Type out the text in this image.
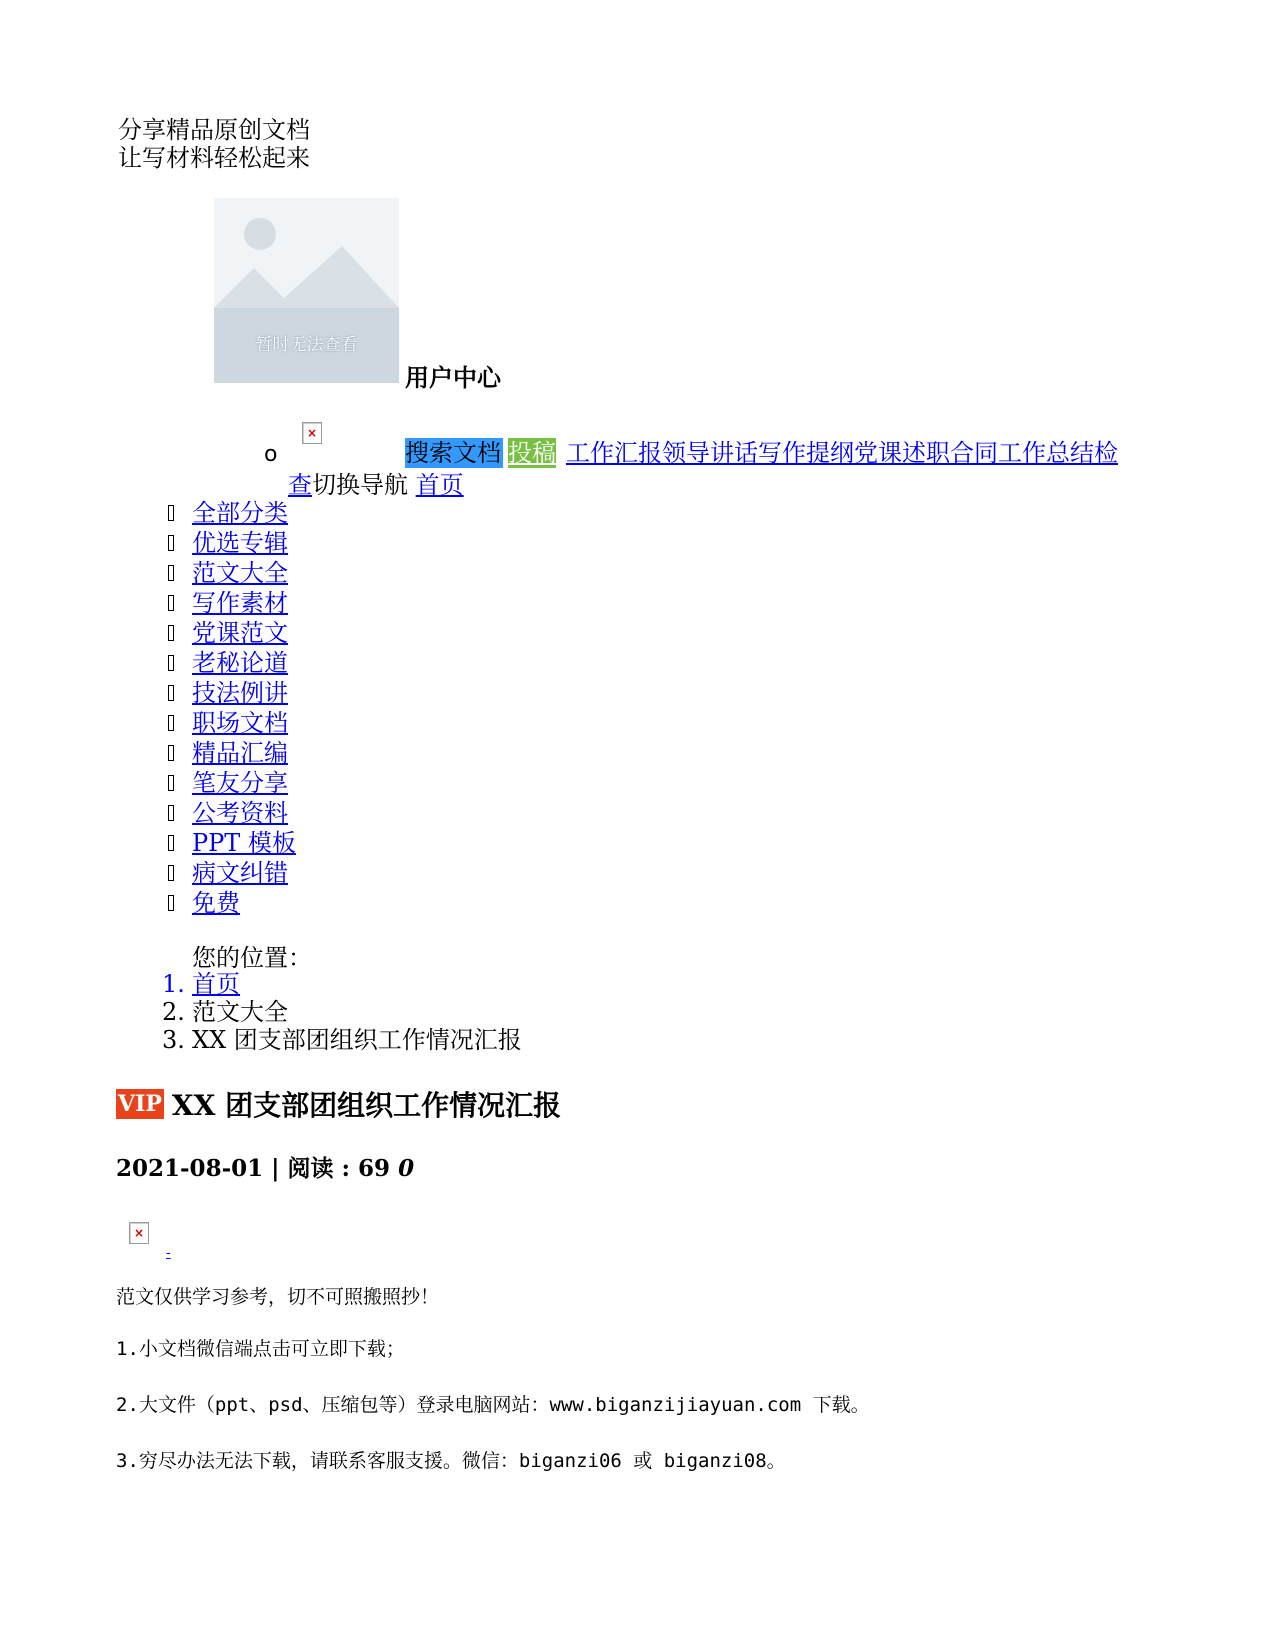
分享精品原创文档
让写材料轻松起来
暂时无法查看
用户中心
o
×
搜索文档 投稿 工作汇报领导讲话写作提纲党课述职合同工作总结检
查切换导航 首页
全部分类
优选专辑
范文大全
写作素材
党课范文
老秘论道
技法例讲
职场文档
精品汇编
笔友分享
公考资料
PPT 模板
病文纠错
免费
您的位置：
1. 首页
2. 范文大全
3. XX 团支部团组织工作情况汇报
VIP XX 团支部团组织工作情况汇报
2021-08-01 | 阅读 : 69 0
×
-
范文仅供学习参考，切不可照搬照抄！
1.小文档微信端点击可立即下载；
2.大文件（ppt、psd、压缩包等）登录电脑网站：www.biganzijiayuan.com 下载。
3.穷尽办法无法下载，请联系客服支援。微信：biganzi06 或 biganzi08。
